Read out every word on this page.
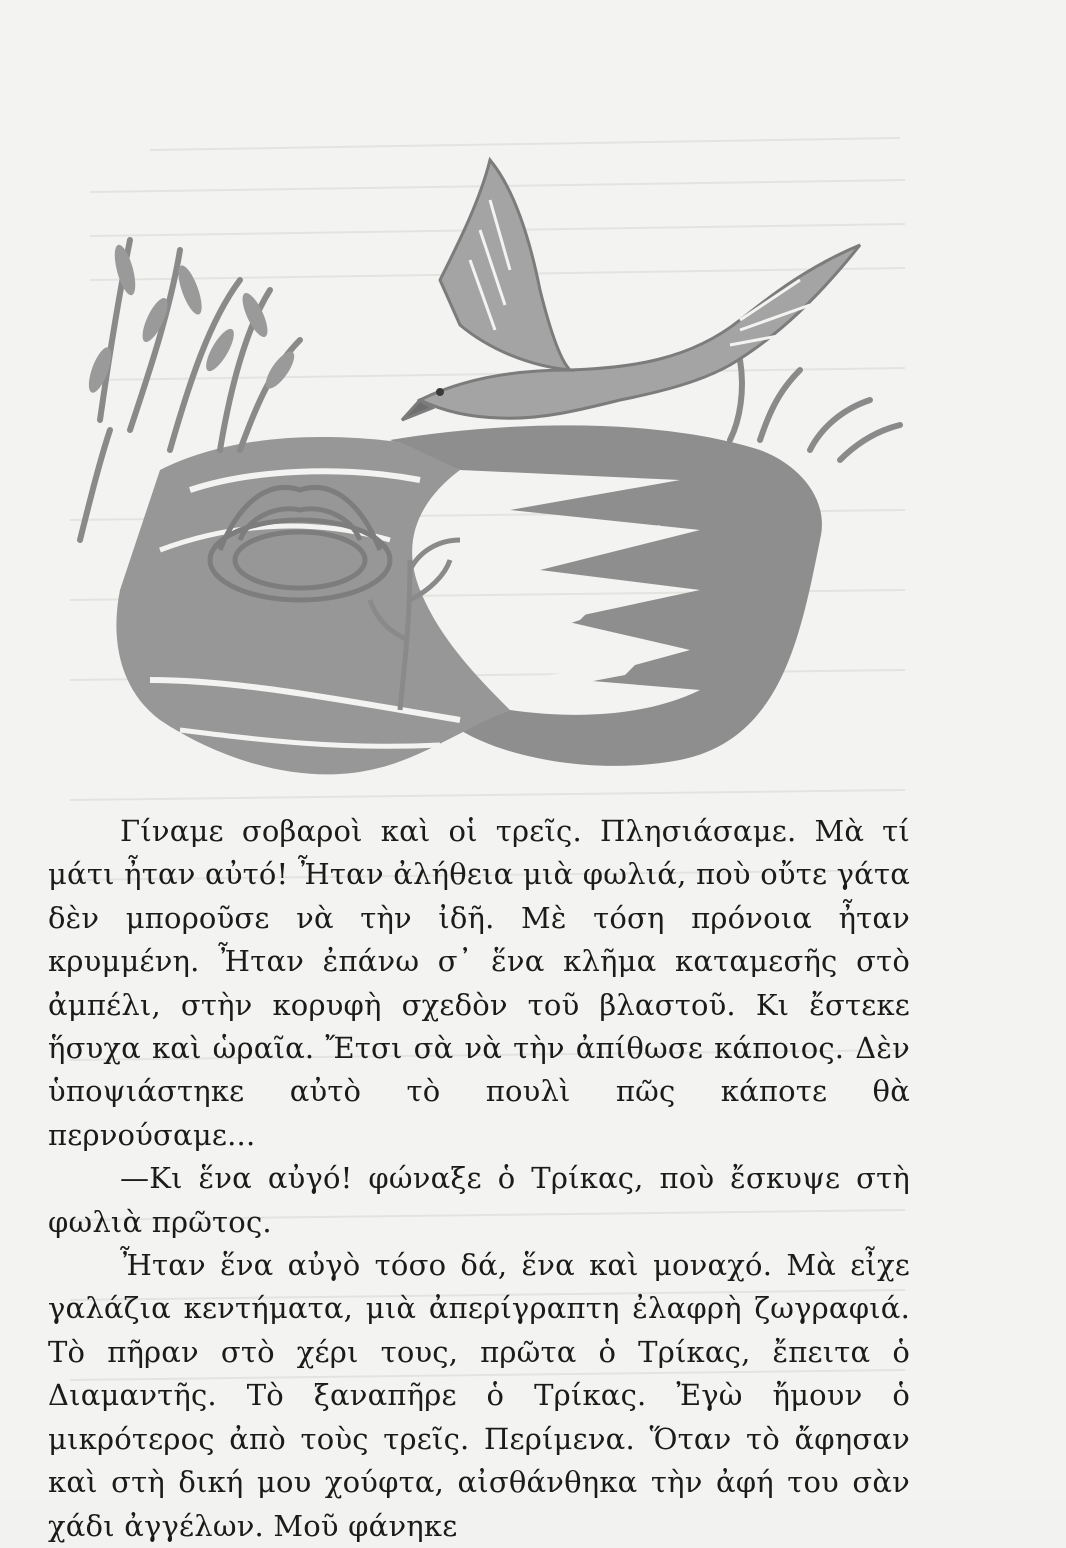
Γίναμε σοβαροὶ καὶ οἱ τρεῖς. Πλησιάσαμε. Μὰ τί μάτι ἦταν αὐτό! Ἦταν ἀλήθεια μιὰ φωλιά, ποὺ οὔτε γάτα δὲν μποροῦσε νὰ τὴν ἰδῆ. Μὲ τόση πρόνοια ἦταν κρυμμένη. Ἦταν ἐπάνω σ᾿ ἕνα κλῆμα καταμεσῆς στὸ ἀμπέλι, στὴν κορυφὴ σχεδὸν τοῦ βλαστοῦ. Κι ἔστεκε ἥσυχα καὶ ὡραῖα. Ἔτσι σὰ νὰ τὴν ἀπίθωσε κάποιος. Δὲν ὑποψιάστηκε αὐτὸ τὸ πουλὶ πῶς κάποτε θὰ περνούσαμε...

—Κι ἕνα αὐγό! φώναξε ὁ Τρίκας, ποὺ ἔσκυψε στὴ φωλιὰ πρῶτος.

Ἦταν ἕνα αὐγὸ τόσο δά, ἕνα καὶ μοναχό. Μὰ εἶχε γαλάζια κεντήματα, μιὰ ἀπερίγραπτη ἐλαφρὴ ζωγραφιά. Τὸ πῆραν στὸ χέρι τους, πρῶτα ὁ Τρίκας, ἔπειτα ὁ Διαμαντῆς. Τὸ ξαναπῆρε ὁ Τρίκας. Ἐγὼ ἤμουν ὁ μικρότερος ἀπὸ τοὺς τρεῖς. Περίμενα. Ὅταν τὸ ἄφησαν καὶ στὴ δική μου χούφτα, αἰσθάνθηκα τὴν ἀφή του σὰν χάδι ἀγγέλων. Μοῦ φάνηκε
